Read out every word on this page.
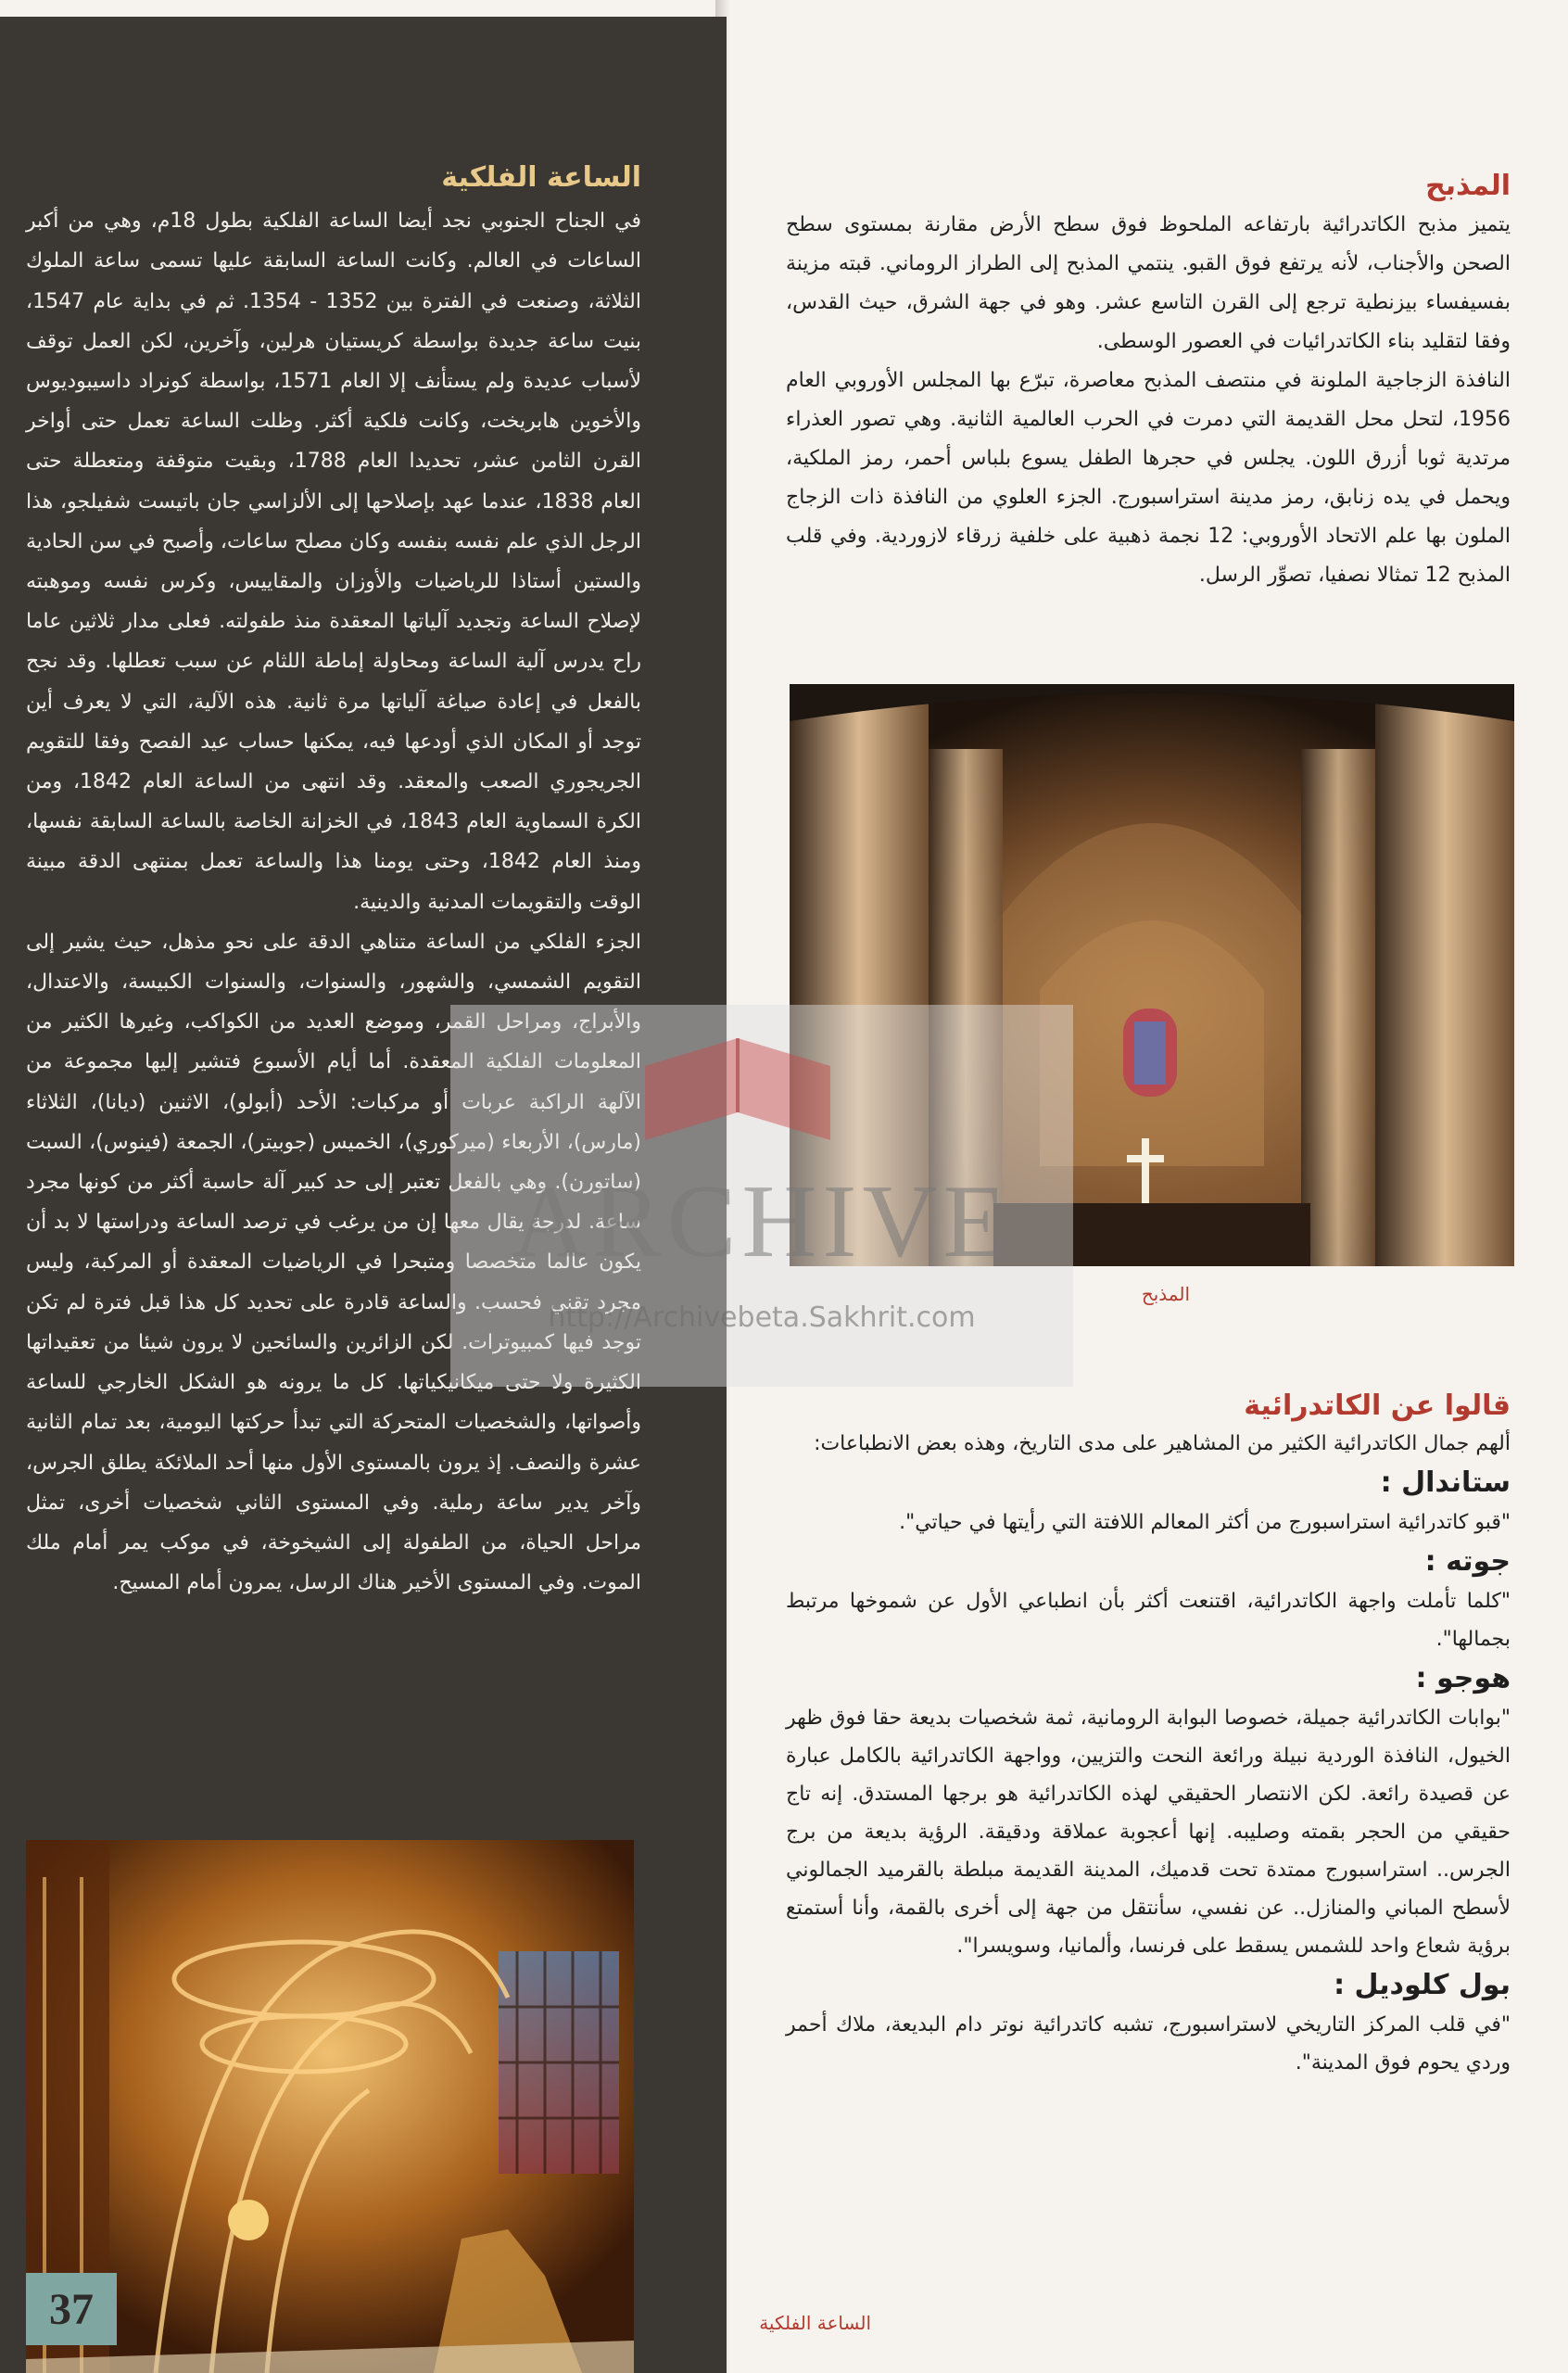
الساعة الفلكية

في الجناح الجنوبي نجد أيضا الساعة الفلكية بطول 18م، وهي من أكبر الساعات في العالم. وكانت الساعة السابقة عليها تسمى ساعة الملوك الثلاثة، وصنعت في الفترة بين 1352 - 1354. ثم في بداية عام 1547، بنيت ساعة جديدة بواسطة كريستيان هرلين، وآخرين، لكن العمل توقف لأسباب عديدة ولم يستأنف إلا العام 1571، بواسطة كونراد داسيبوديوس والأخوين هابريخت، وكانت فلكية أكثر. وظلت الساعة تعمل حتى أواخر القرن الثامن عشر، تحديدا العام 1788، وبقيت متوقفة ومتعطلة حتى العام 1838، عندما عهد بإصلاحها إلى الألزاسي جان باتيست شفيلجو، هذا الرجل الذي علم نفسه بنفسه وكان مصلح ساعات، وأصبح في سن الحادية والستين أستاذا للرياضيات والأوزان والمقاييس، وكرس نفسه وموهبته لإصلاح الساعة وتجديد آلياتها المعقدة منذ طفولته. فعلى مدار ثلاثين عاما راح يدرس آلية الساعة ومحاولة إماطة اللثام عن سبب تعطلها. وقد نجح بالفعل في إعادة صياغة آلياتها مرة ثانية. هذه الآلية، التي لا يعرف أين توجد أو المكان الذي أودعها فيه، يمكنها حساب عيد الفصح وفقا للتقويم الجريجوري الصعب والمعقد. وقد انتهى من الساعة العام 1842، ومن الكرة السماوية العام 1843، في الخزانة الخاصة بالساعة السابقة نفسها، ومنذ العام 1842، وحتى يومنا هذا والساعة تعمل بمنتهى الدقة مبينة الوقت والتقويمات المدنية والدينية.

الجزء الفلكي من الساعة متناهي الدقة على نحو مذهل، حيث يشير إلى التقويم الشمسي، والشهور، والسنوات، والسنوات الكبيسة، والاعتدال، والأبراج، ومراحل القمر، وموضع العديد من الكواكب، وغيرها الكثير من المعلومات الفلكية المعقدة. أما أيام الأسبوع فتشير إليها مجموعة من الآلهة الراكبة عربات أو مركبات: الأحد (أبولو)، الاثنين (ديانا)، الثلاثاء (مارس)، الأربعاء (ميركوري)، الخميس (جوبيتر)، الجمعة (فينوس)، السبت (ساتورن). وهي بالفعل تعتبر إلى حد كبير آلة حاسبة أكثر من كونها مجرد ساعة. لدرجة يقال معها إن من يرغب في ترصد الساعة ودراستها لا بد أن يكون عالما متخصصا ومتبحرا في الرياضيات المعقدة أو المركبة، وليس مجرد تقني فحسب. والساعة قادرة على تحديد كل هذا قبل فترة لم تكن توجد فيها كمبيوترات. لكن الزائرين والسائحين لا يرون شيئا من تعقيداتها الكثيرة ولا حتى ميكانيكياتها. كل ما يرونه هو الشكل الخارجي للساعة وأصواتها، والشخصيات المتحركة التي تبدأ حركتها اليومية، بعد تمام الثانية عشرة والنصف. إذ يرون بالمستوى الأول منها أحد الملائكة يطلق الجرس، وآخر يدير ساعة رملية. وفي المستوى الثاني شخصيات أخرى، تمثل مراحل الحياة، من الطفولة إلى الشيخوخة، في موكب يمر أمام ملك الموت. وفي المستوى الأخير هناك الرسل، يمرون أمام المسيح.

37
المذبح

يتميز مذبح الكاتدرائية بارتفاعه الملحوظ فوق سطح الأرض مقارنة بمستوى سطح الصحن والأجناب، لأنه يرتفع فوق القبو. ينتمي المذبح إلى الطراز الروماني. قبته مزينة بفسيفساء بيزنطية ترجع إلى القرن التاسع عشر. وهو في جهة الشرق، حيث القدس، وفقا لتقليد بناء الكاتدرائيات في العصور الوسطى.

النافذة الزجاجية الملونة في منتصف المذبح معاصرة، تبرّع بها المجلس الأوروبي العام 1956، لتحل محل القديمة التي دمرت في الحرب العالمية الثانية. وهي تصور العذراء مرتدية ثوبا أزرق اللون. يجلس في حجرها الطفل يسوع بلباس أحمر، رمز الملكية، ويحمل في يده زنابق، رمز مدينة استراسبورج. الجزء العلوي من النافذة ذات الزجاج الملون بها علم الاتحاد الأوروبي: 12 نجمة ذهبية على خلفية زرقاء لازوردية. وفي قلب المذبح 12 تمثالا نصفيا، تصوِّر الرسل.

المذبح
قالوا عن الكاتدرائية

ألهم جمال الكاتدرائية الكثير من المشاهير على مدى التاريخ، وهذه بعض الانطباعات:

ستاندال :

"قبو كاتدرائية استراسبورج من أكثر المعالم اللافتة التي رأيتها في حياتي".

جوته :

"كلما تأملت واجهة الكاتدرائية، اقتنعت أكثر بأن انطباعي الأول عن شموخها مرتبط بجمالها".

هوجو :

"بوابات الكاتدرائية جميلة، خصوصا البوابة الرومانية، ثمة شخصيات بديعة حقا فوق ظهر الخيول، النافذة الوردية نبيلة ورائعة النحت والتزيين، وواجهة الكاتدرائية بالكامل عبارة عن قصيدة رائعة. لكن الانتصار الحقيقي لهذه الكاتدرائية هو برجها المستدق. إنه تاج حقيقي من الحجر بقمته وصليبه. إنها أعجوبة عملاقة ودقيقة. الرؤية بديعة من برج الجرس.. استراسبورج ممتدة تحت قدميك، المدينة القديمة مبلطة بالقرميد الجمالوني لأسطح المباني والمنازل.. عن نفسي، سأنتقل من جهة إلى أخرى بالقمة، وأنا أستمتع برؤية شعاع واحد للشمس يسقط على فرنسا، وألمانيا، وسويسرا".

بول كلوديل :

"في قلب المركز التاريخي لاستراسبورج، تشبه كاتدرائية نوتر دام البديعة، ملاك أحمر وردي يحوم فوق المدينة".

الساعة الفلكية
ARCHIVE
http://Archivebeta.Sakhrit.com
